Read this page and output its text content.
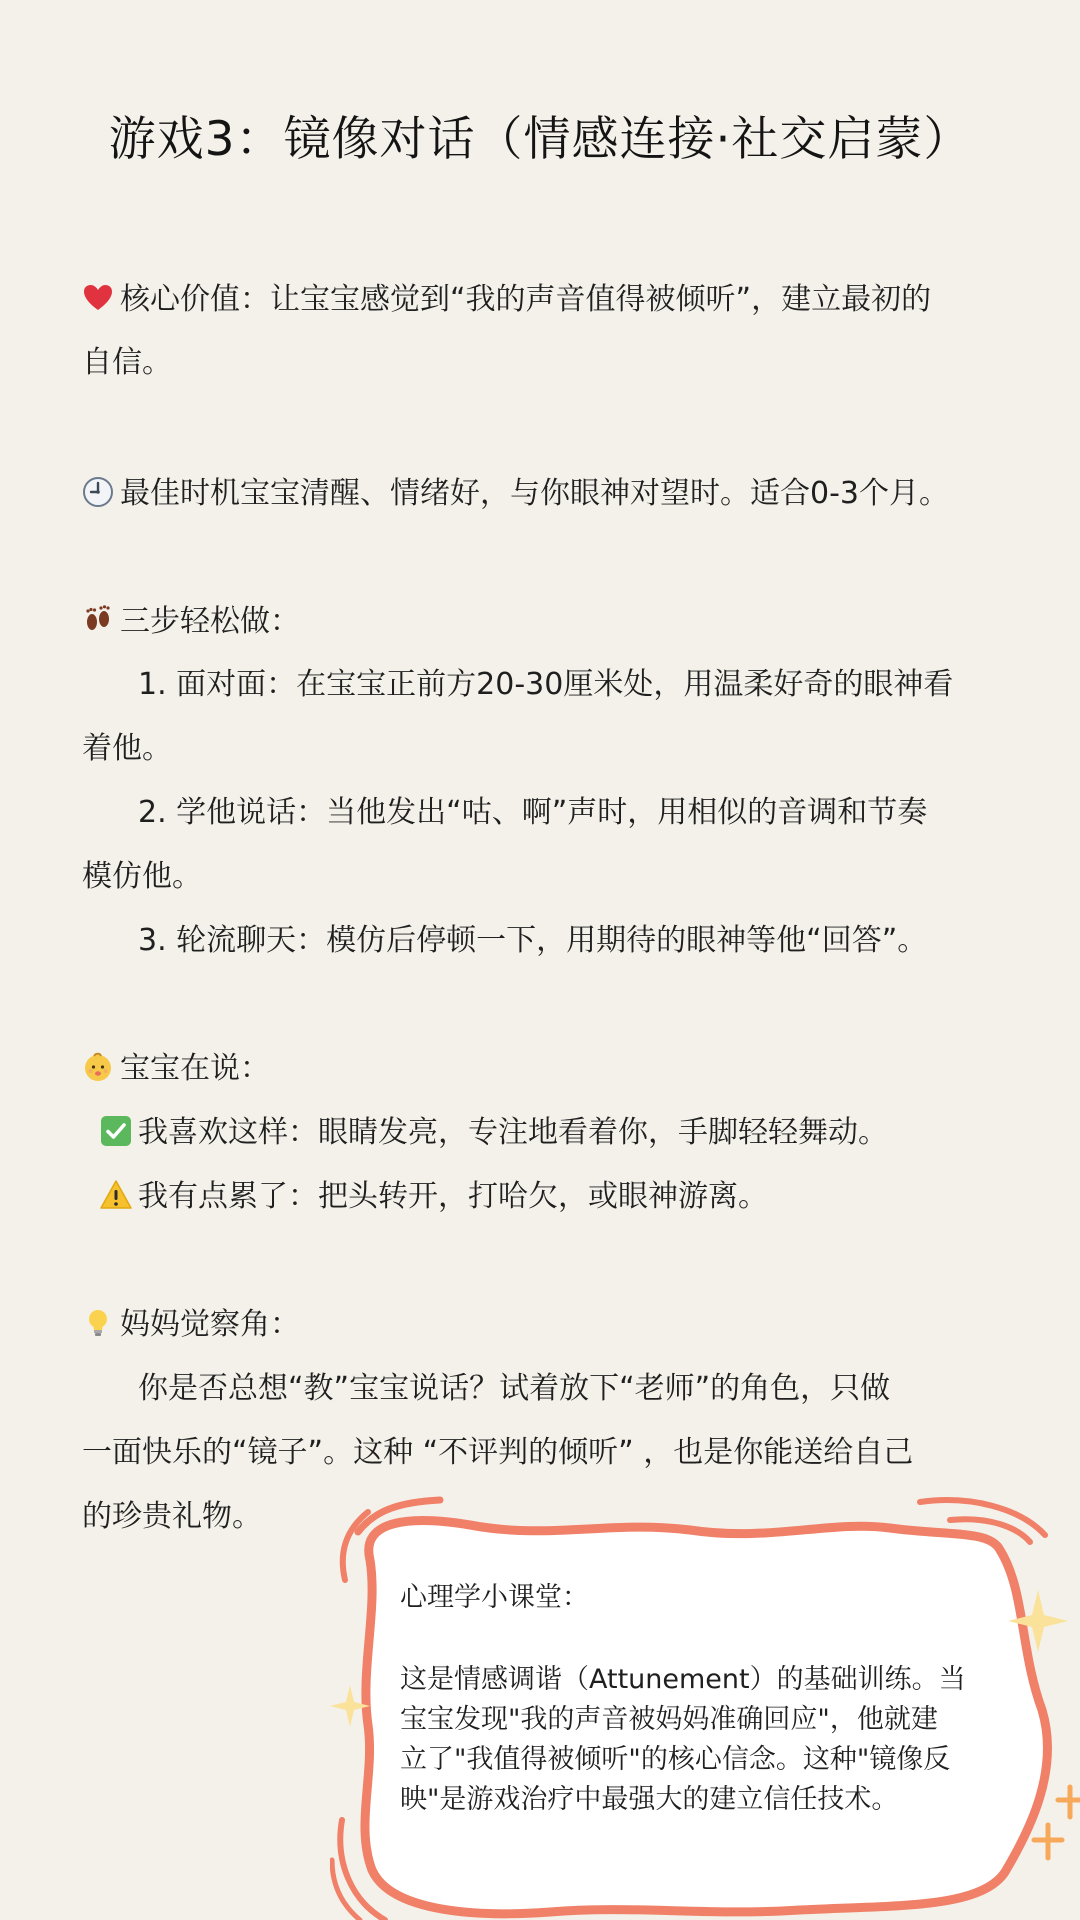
游戏3：镜像对话（情感连接·社交启蒙）
核心价值：让宝宝感觉到“我的声音值得被倾听”，建立最初的
自信。
最佳时机宝宝清醒、情绪好，与你眼神对望时。适合0-3个月。
三步轻松做：
1. 面对面：在宝宝正前方20-30厘米处，用温柔好奇的眼神看
着他。
2. 学他说话：当他发出“咕、啊”声时，用相似的音调和节奏
模仿他。
3. 轮流聊天：模仿后停顿一下，用期待的眼神等他“回答”。
宝宝在说：
我喜欢这样：眼睛发亮，专注地看着你，手脚轻轻舞动。
我有点累了：把头转开，打哈欠，或眼神游离。
妈妈觉察角：
你是否总想“教”宝宝说话？试着放下“老师”的角色，只做
一面快乐的“镜子”。这种 “不评判的倾听” ，也是你能送给自己
的珍贵礼物。
心理学小课堂：
这是情感调谐（Attunement）的基础训练。当
宝宝发现"我的声音被妈妈准确回应"，他就建
立了"我值得被倾听"的核心信念。这种"镜像反
映"是游戏治疗中最强大的建立信任技术。
